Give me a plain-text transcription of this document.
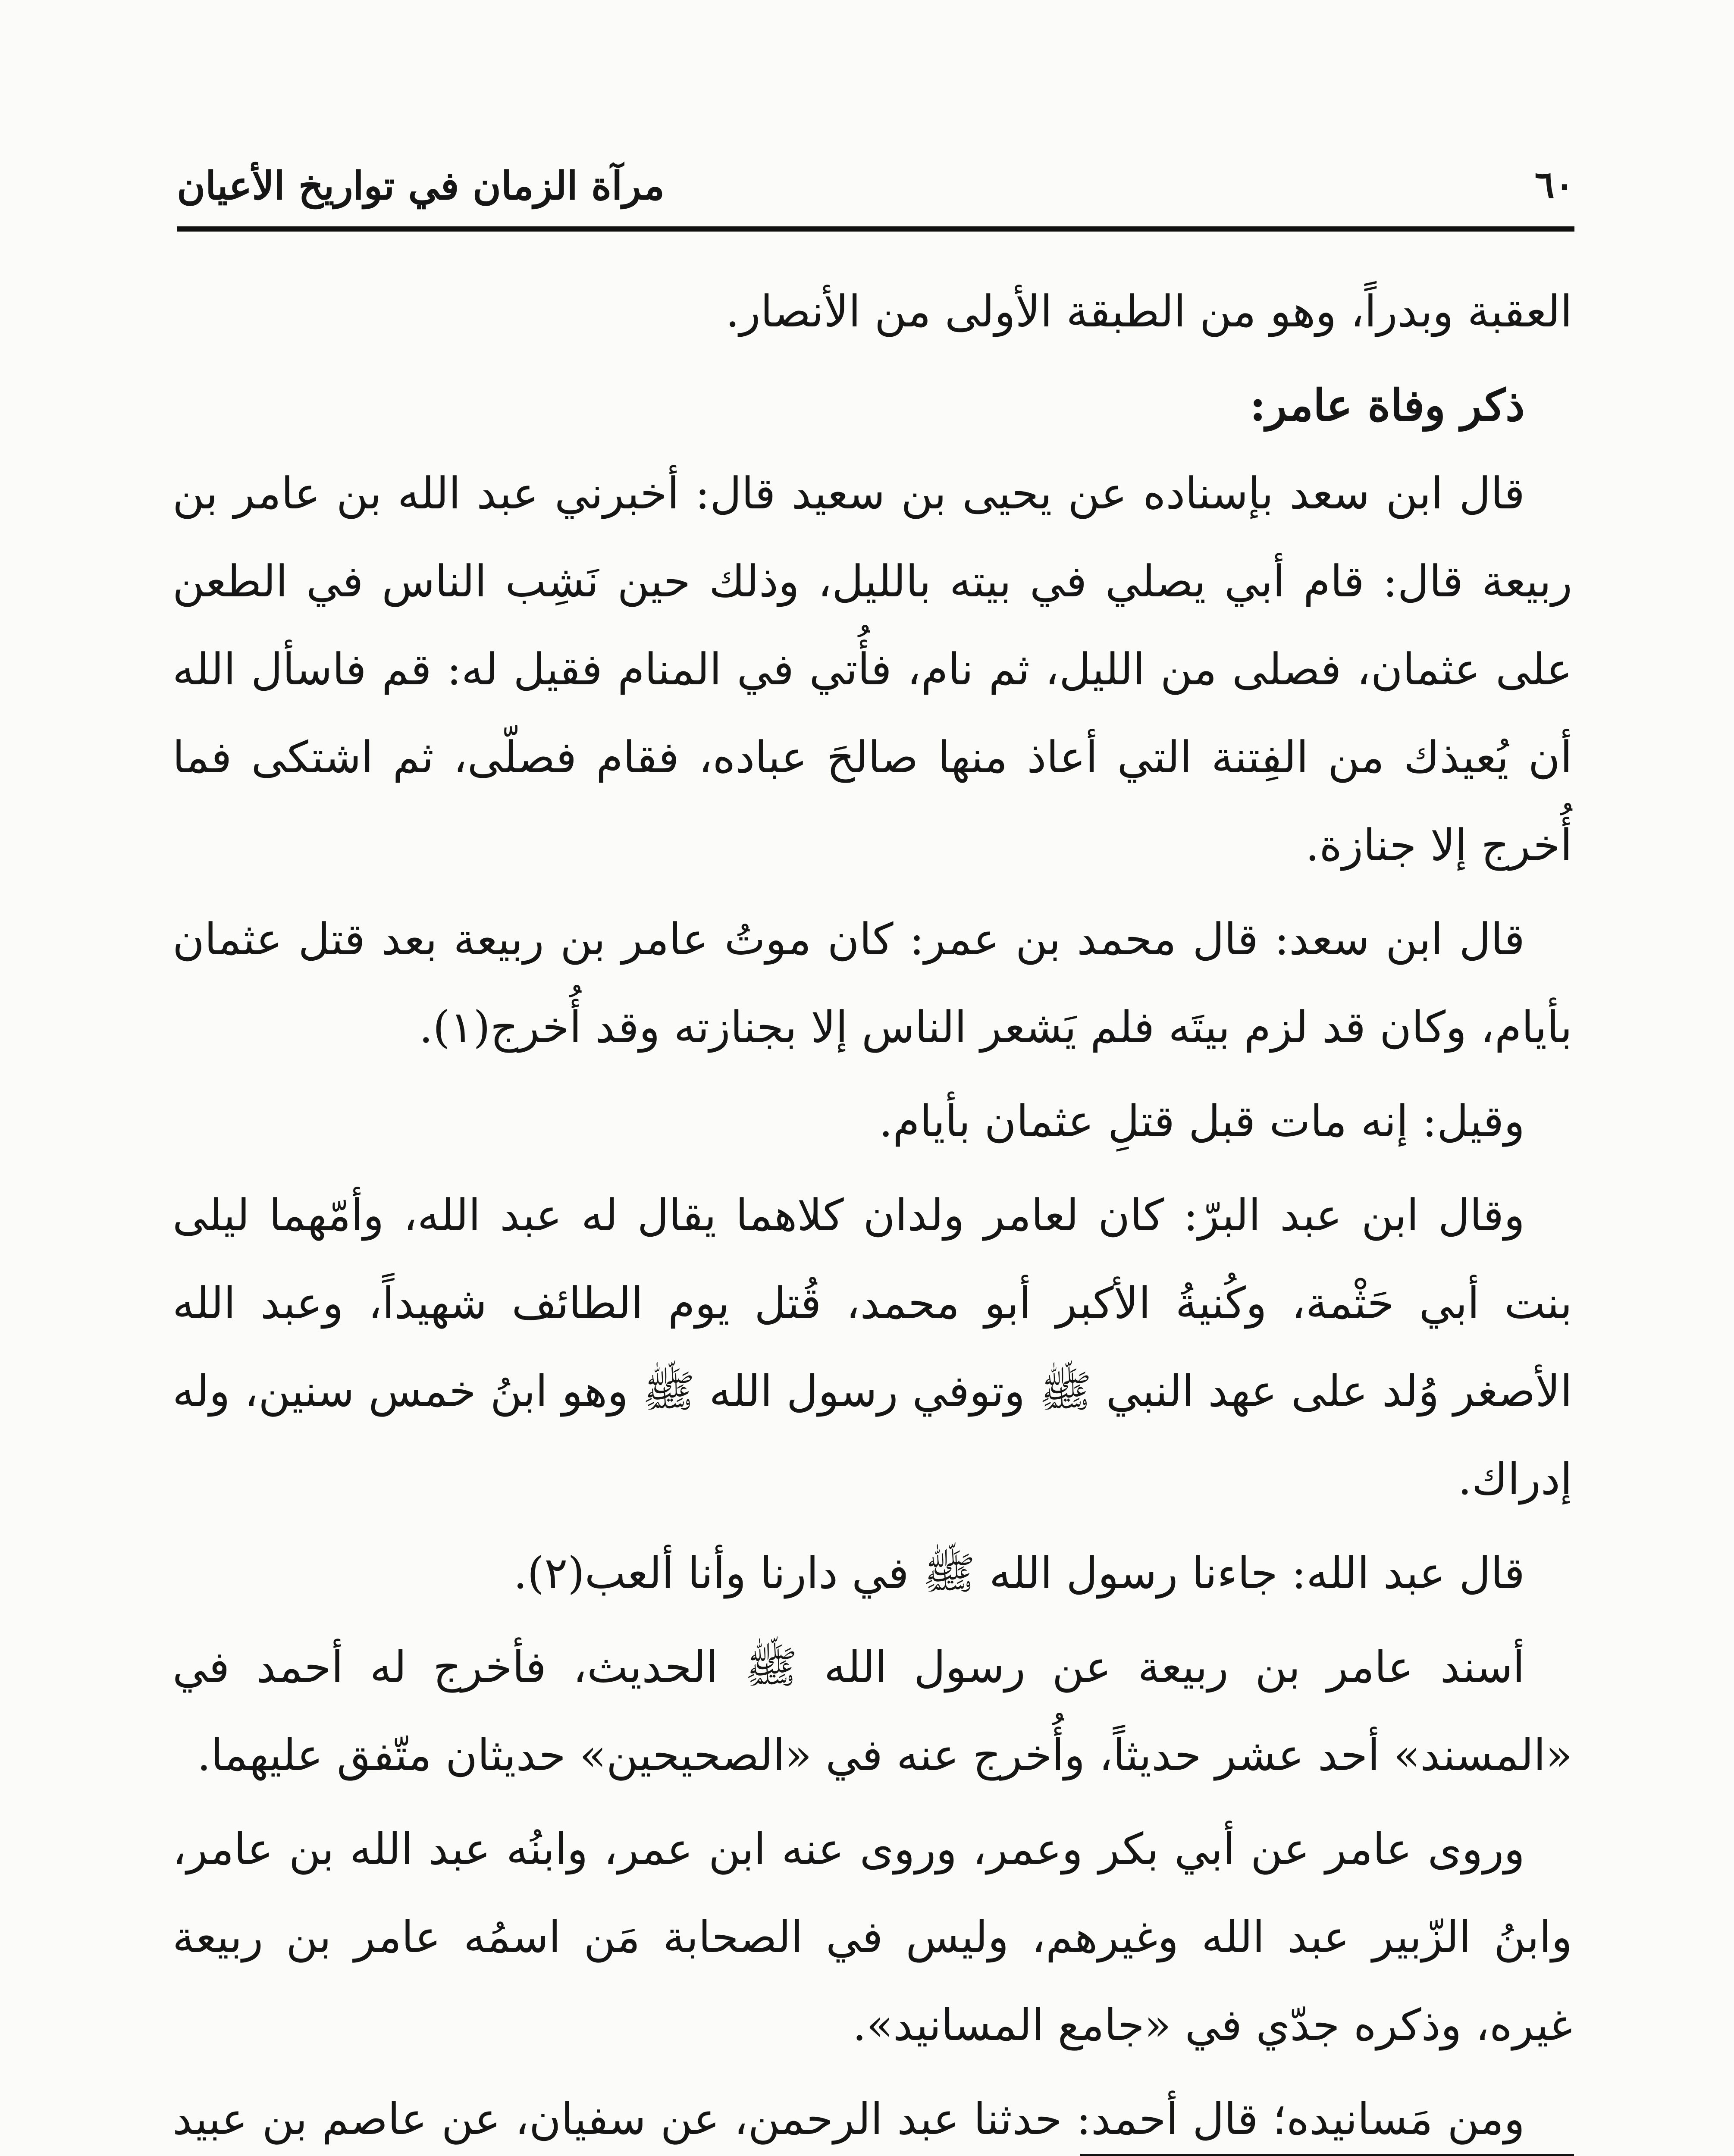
٦٠
مرآة الزمان في تواريخ الأعيان

العقبة وبدراً، وهو من الطبقة الأولى من الأنصار.

ذكر وفاة عامر:

قال ابن سعد بإسناده عن يحيى بن سعيد قال: أخبرني عبد الله بن عامر بن ربيعة قال: قام أبي يصلي في بيته بالليل، وذلك حين نَشِب الناس في الطعن على عثمان، فصلى من الليل، ثم نام، فأُتي في المنام فقيل له: قم فاسأل الله أن يُعيذك من الفِتنة التي أعاذ منها صالحَ عباده، فقام فصلّى، ثم اشتكى فما أُخرج إلا جنازة.

قال ابن سعد: قال محمد بن عمر: كان موتُ عامر بن ربيعة بعد قتل عثمان بأيام، وكان قد لزم بيتَه فلم يَشعر الناس إلا بجنازته وقد أُخرج(١).

وقيل: إنه مات قبل قتلِ عثمان بأيام.

وقال ابن عبد البرّ: كان لعامر ولدان كلاهما يقال له عبد الله، وأمّهما ليلى بنت أبي حَثْمة، وكُنيةُ الأكبر أبو محمد، قُتل يوم الطائف شهيداً، وعبد الله الأصغر وُلد على عهد النبي ﷺ وتوفي رسول الله ﷺ وهو ابنُ خمس سنين، وله إدراك.

قال عبد الله: جاءنا رسول الله ﷺ في دارنا وأنا ألعب(٢).

أسند عامر بن ربيعة عن رسول الله ﷺ الحديث، فأخرج له أحمد في «المسند» أحد عشر حديثاً، وأُخرج عنه في «الصحيحين» حديثان متّفق عليهما.

وروى عامر عن أبي بكر وعمر، وروى عنه ابن عمر، وابنُه عبد الله بن عامر، وابنُ الزّبير عبد الله وغيرهم، وليس في الصحابة مَن اسمُه عامر بن ربيعة غيره، وذكره جدّي في «جامع المسانيد».

ومن مَسانيده؛ قال أحمد: حدثنا عبد الرحمن، عن سفيان، عن عاصم بن عبيد
